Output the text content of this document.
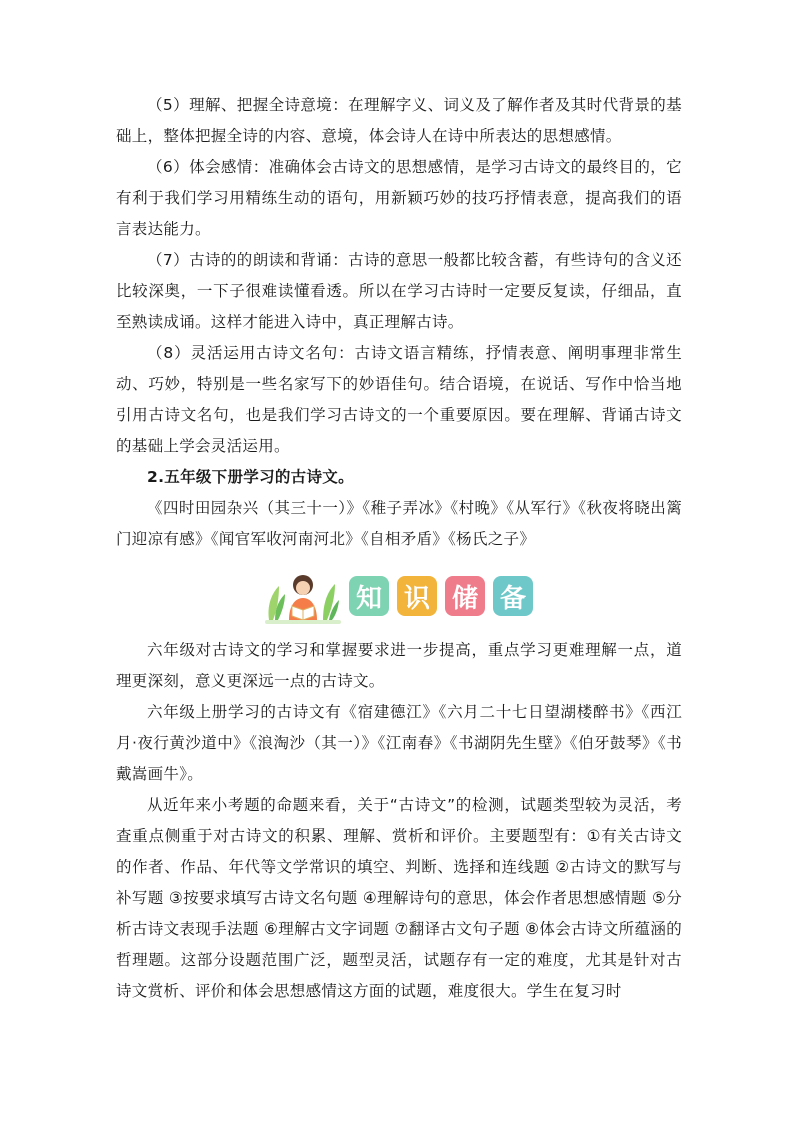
（5）理解、把握全诗意境：在理解字义、词义及了解作者及其时代背景的基础上，整体把握全诗的内容、意境，体会诗人在诗中所表达的思想感情。

（6）体会感情：准确体会古诗文的思想感情，是学习古诗文的最终目的，它有利于我们学习用精练生动的语句，用新颖巧妙的技巧抒情表意，提高我们的语言表达能力。

（7）古诗的的朗读和背诵：古诗的意思一般都比较含蓄，有些诗句的含义还比较深奥，一下子很难读懂看透。所以在学习古诗时一定要反复读，仔细品，直至熟读成诵。这样才能进入诗中，真正理解古诗。

（8）灵活运用古诗文名句：古诗文语言精练，抒情表意、阐明事理非常生动、巧妙，特别是一些名家写下的妙语佳句。结合语境，在说话、写作中恰当地引用古诗文名句，也是我们学习古诗文的一个重要原因。要在理解、背诵古诗文的基础上学会灵活运用。

2.五年级下册学习的古诗文。

《四时田园杂兴（其三十一）》《稚子弄冰》《村晚》《从军行》《秋夜将晓出篱门迎凉有感》《闻官军收河南河北》《自相矛盾》《杨氏之子》

知 识 储 备

六年级对古诗文的学习和掌握要求进一步提高，重点学习更难理解一点，道理更深刻，意义更深远一点的古诗文。

六年级上册学习的古诗文有《宿建德江》《六月二十七日望湖楼醉书》《西江月·夜行黄沙道中》《浪淘沙（其一）》《江南春》《书湖阴先生壁》《伯牙鼓琴》《书戴嵩画牛》。

从近年来小考题的命题来看，关于“古诗文”的检测，试题类型较为灵活，考查重点侧重于对古诗文的积累、理解、赏析和评价。主要题型有：①有关古诗文的作者、作品、年代等文学常识的填空、判断、选择和连线题 ②古诗文的默写与补写题 ③按要求填写古诗文名句题 ④理解诗句的意思，体会作者思想感情题 ⑤分析古诗文表现手法题 ⑥理解古文字词题 ⑦翻译古文句子题 ⑧体会古诗文所蕴涵的哲理题。这部分设题范围广泛，题型灵活，试题存有一定的难度，尤其是针对古诗文赏析、评价和体会思想感情这方面的试题，难度很大。学生在复习时
